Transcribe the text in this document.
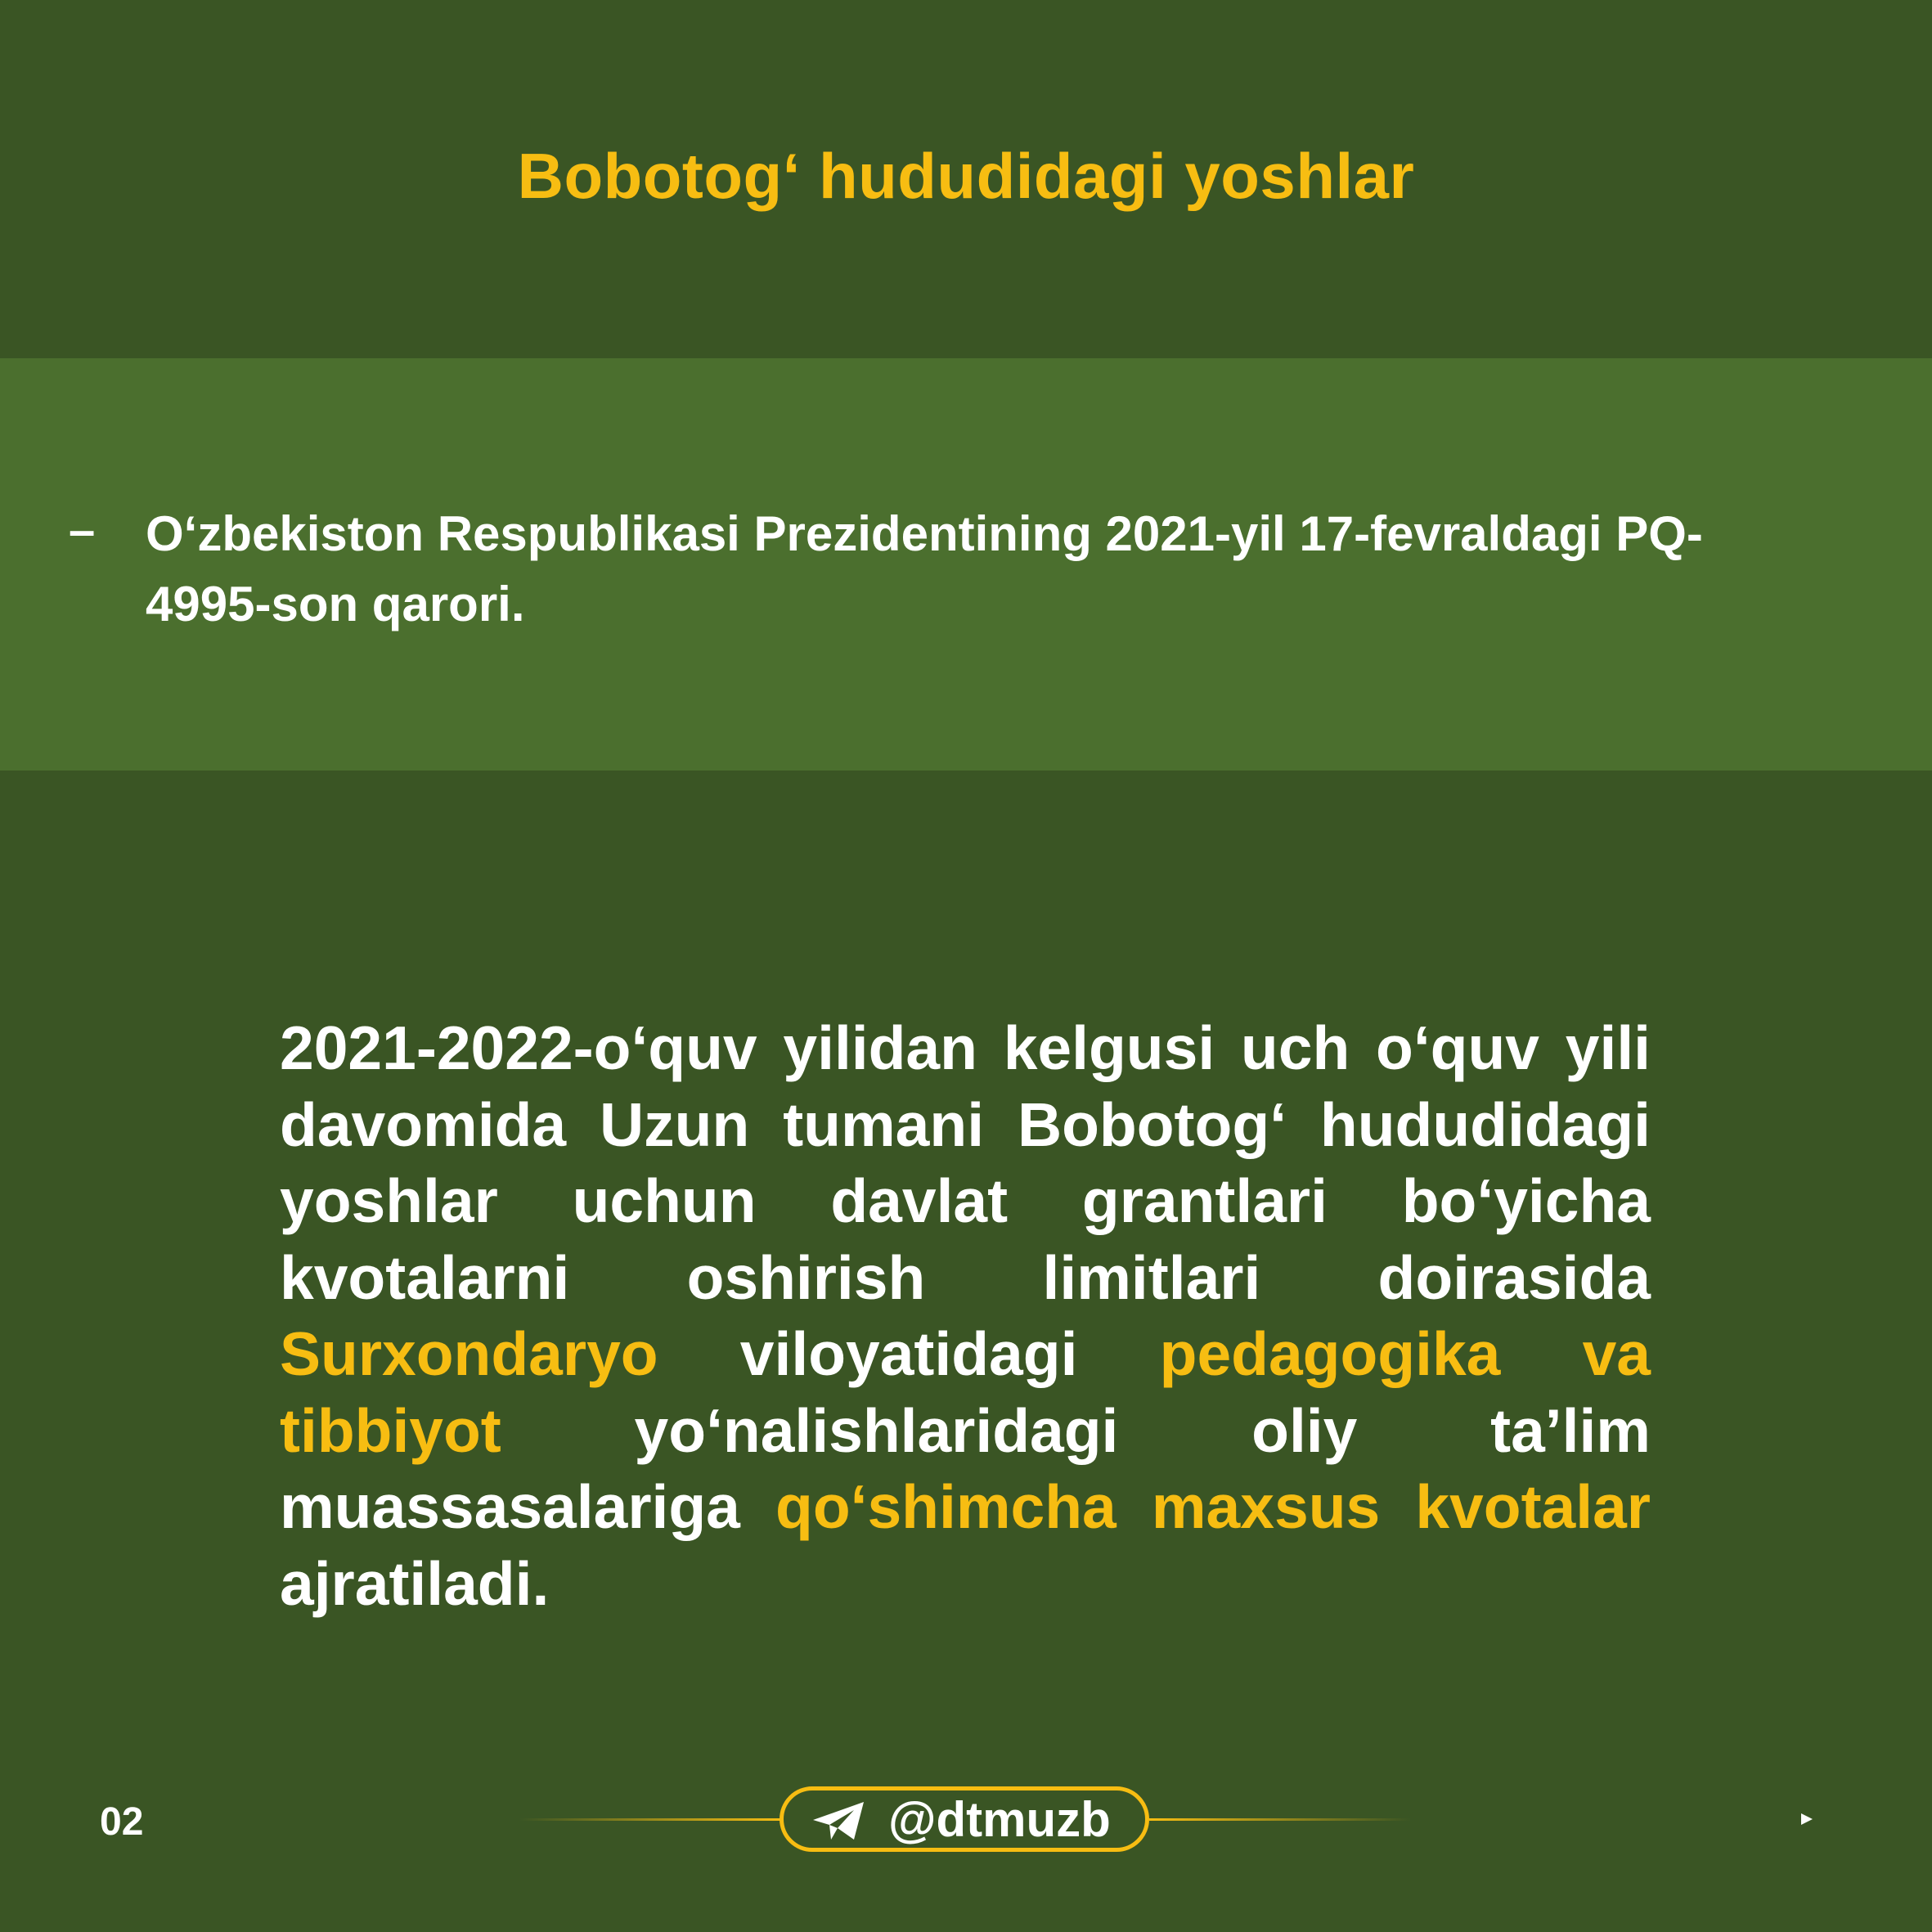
Bobotog‘ hududidagi yoshlar
– O‘zbekiston Respublikasi Prezidentining 2021-yil 17-fevraldagi PQ-4995-son qarori.
2021-2022-o‘quv yilidan kelgusi uch o‘quv yili davomida Uzun tumani Bobotog‘ hududidagi yoshlar uchun davlat grantlari bo‘yicha kvotalarni oshirish limitlari doirasida Surxondaryo viloyatidagi pedagogika va tibbiyot yo‘nalishlaridagi oliy ta’lim muassasalariga qo‘shimcha maxsus kvotalar ajratiladi.
02	@dtmuzb
